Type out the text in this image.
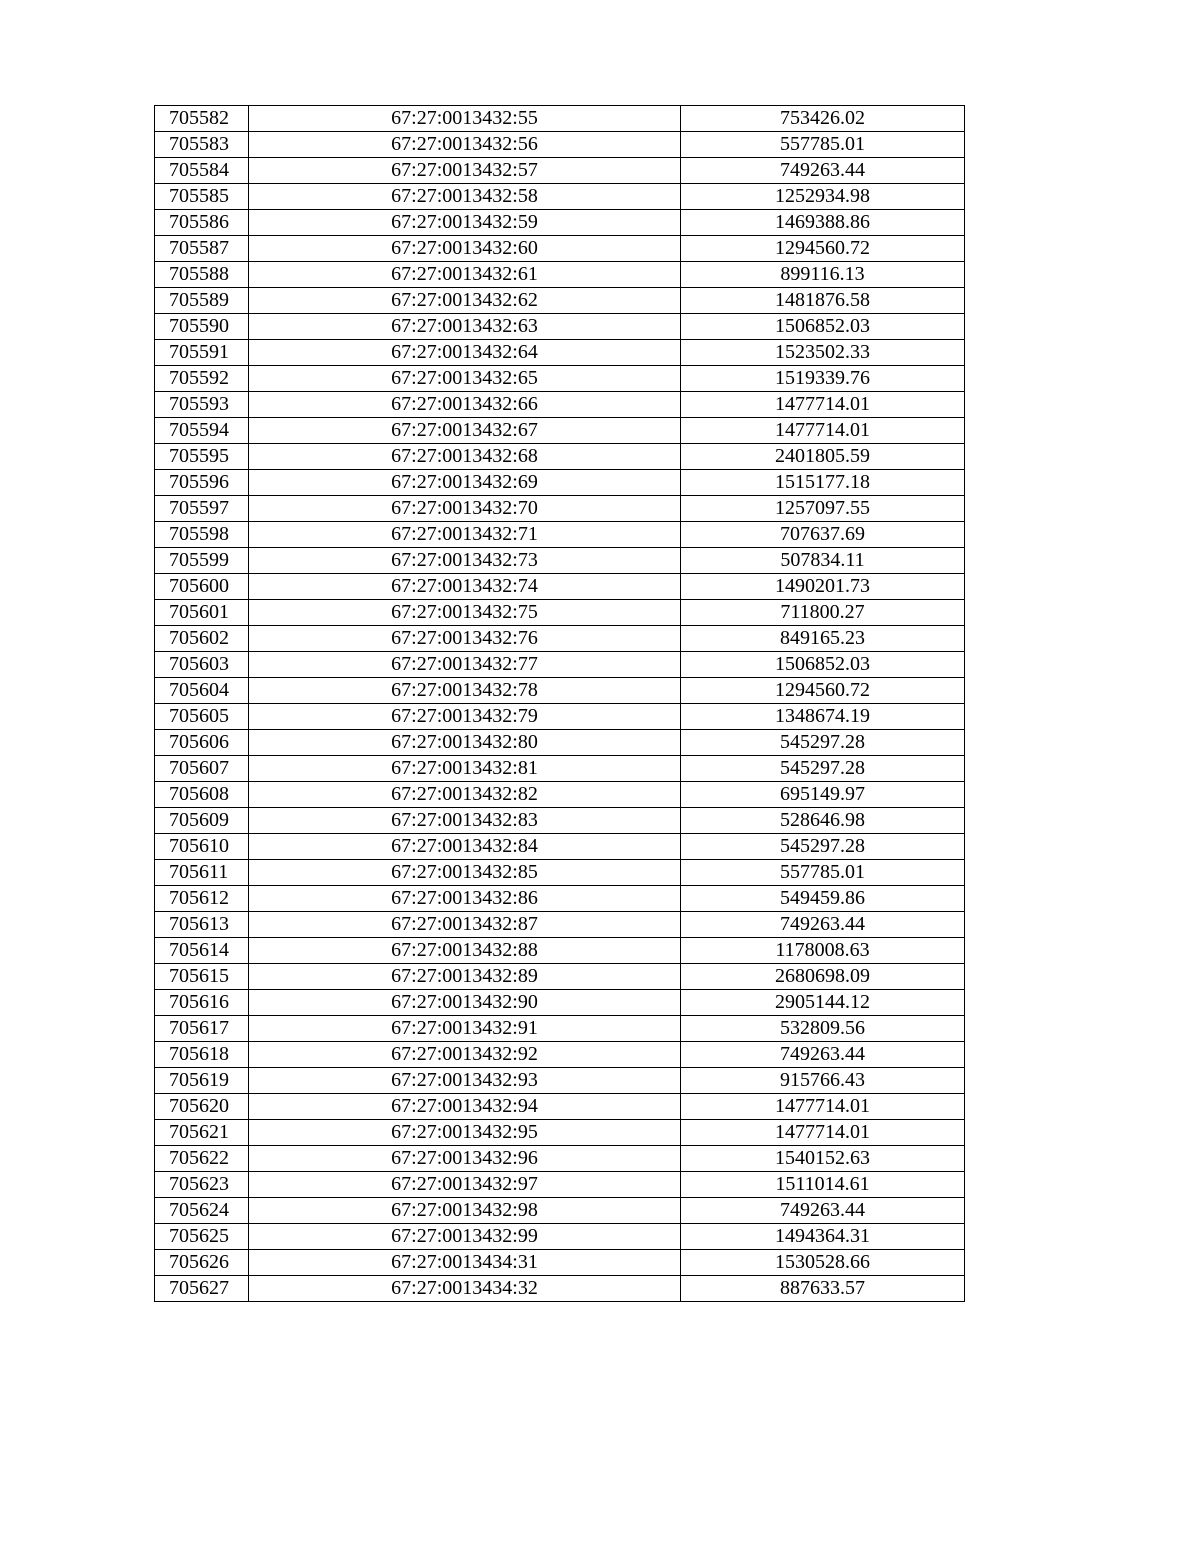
705582	67:27:0013432:55	753426.02
705583	67:27:0013432:56	557785.01
705584	67:27:0013432:57	749263.44
705585	67:27:0013432:58	1252934.98
705586	67:27:0013432:59	1469388.86
705587	67:27:0013432:60	1294560.72
705588	67:27:0013432:61	899116.13
705589	67:27:0013432:62	1481876.58
705590	67:27:0013432:63	1506852.03
705591	67:27:0013432:64	1523502.33
705592	67:27:0013432:65	1519339.76
705593	67:27:0013432:66	1477714.01
705594	67:27:0013432:67	1477714.01
705595	67:27:0013432:68	2401805.59
705596	67:27:0013432:69	1515177.18
705597	67:27:0013432:70	1257097.55
705598	67:27:0013432:71	707637.69
705599	67:27:0013432:73	507834.11
705600	67:27:0013432:74	1490201.73
705601	67:27:0013432:75	711800.27
705602	67:27:0013432:76	849165.23
705603	67:27:0013432:77	1506852.03
705604	67:27:0013432:78	1294560.72
705605	67:27:0013432:79	1348674.19
705606	67:27:0013432:80	545297.28
705607	67:27:0013432:81	545297.28
705608	67:27:0013432:82	695149.97
705609	67:27:0013432:83	528646.98
705610	67:27:0013432:84	545297.28
705611	67:27:0013432:85	557785.01
705612	67:27:0013432:86	549459.86
705613	67:27:0013432:87	749263.44
705614	67:27:0013432:88	1178008.63
705615	67:27:0013432:89	2680698.09
705616	67:27:0013432:90	2905144.12
705617	67:27:0013432:91	532809.56
705618	67:27:0013432:92	749263.44
705619	67:27:0013432:93	915766.43
705620	67:27:0013432:94	1477714.01
705621	67:27:0013432:95	1477714.01
705622	67:27:0013432:96	1540152.63
705623	67:27:0013432:97	1511014.61
705624	67:27:0013432:98	749263.44
705625	67:27:0013432:99	1494364.31
705626	67:27:0013434:31	1530528.66
705627	67:27:0013434:32	887633.57
